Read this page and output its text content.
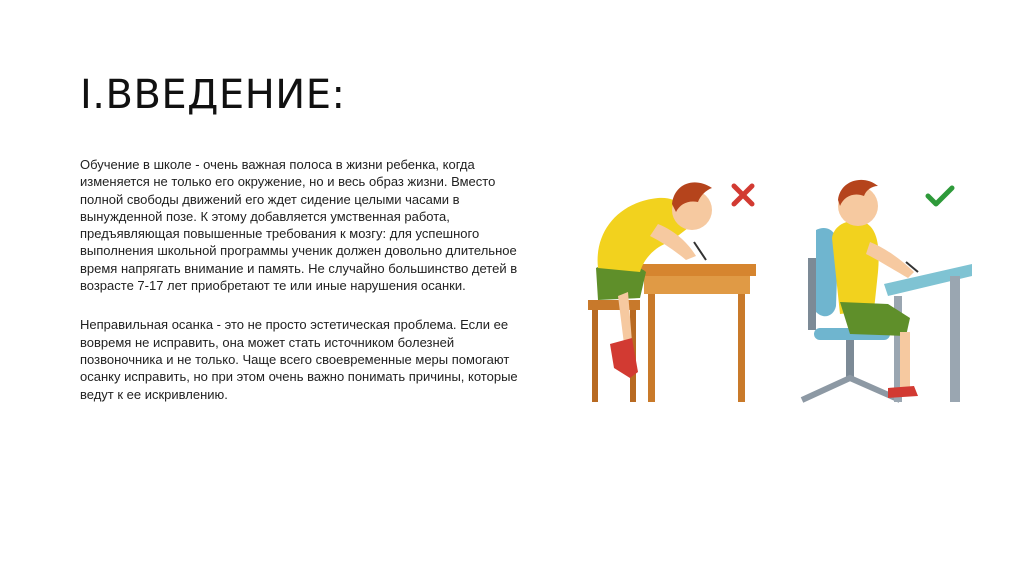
I.ВВЕДЕНИЕ:

Обучение в школе - очень важная полоса в жизни ребенка, когда изменяется не только его окружение, но и весь образ жизни. Вместо полной свободы движений его ждет сидение целыми часами в вынужденной позе. К этому добавляется умственная работа, предъявляющая повышенные требования к мозгу: для успешного выполнения школьной программы ученик должен довольно длительное время напрягать внимание и память. Не случайно большинство детей в возрасте 7-17 лет приобретают те или иные нарушения осанки.

Неправильная осанка - это не просто эстетическая проблема. Если ее вовремя не исправить, она может стать источником болезней позвоночника и не только. Чаще всего своевременные меры помогают осанку исправить, но при этом очень важно понимать причины, которые ведут к ее искривлению.
